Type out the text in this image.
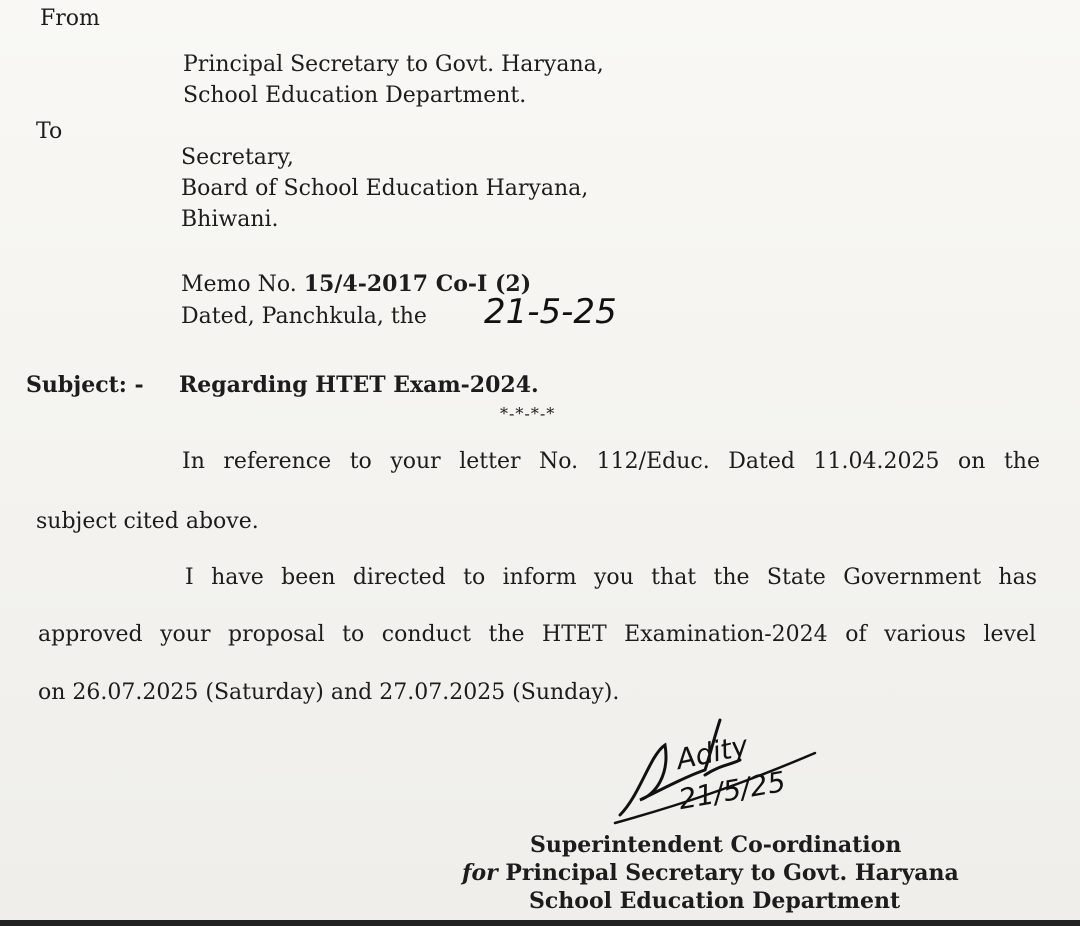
From
Principal Secretary to Govt. Haryana,
School Education Department.
To
Secretary,
Board of School Education Haryana,
Bhiwani.
Memo No. 15/4-2017 Co-I (2)
Dated, Panchkula, the 21-5-25
Subject: - Regarding HTET Exam-2024.
*-*-*-*
In reference to your letter No. 112/Educ. Dated 11.04.2025 on the
subject cited above.
I have been directed to inform you that the State Government has
approved your proposal to conduct the HTET Examination-2024 of various level
on 26.07.2025 (Saturday) and 27.07.2025 (Sunday).
Adity
21/5/25
Superintendent Co-ordination
for Principal Secretary to Govt. Haryana
School Education Department
